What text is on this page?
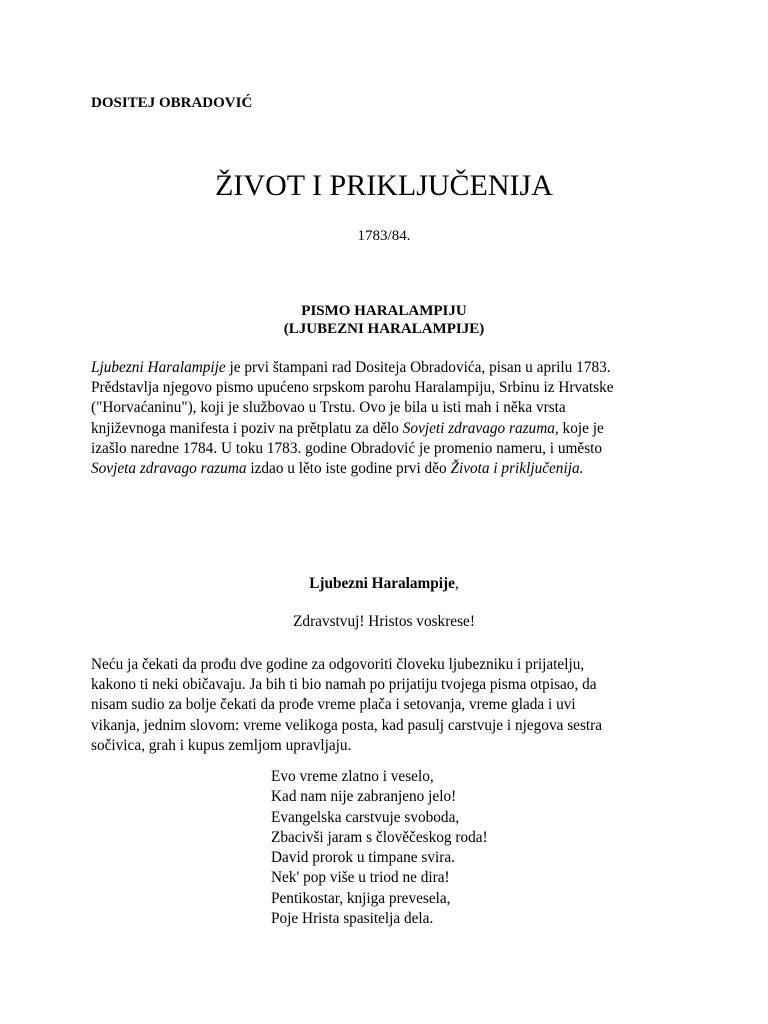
DOSITEJ OBRADOVIĆ

ŽIVOT I PRIKLJUČENIJA

1783/84.

PISMO HARALAMPIJU
(LJUBEZNI HARALAMPIJE)

Ljubezni Haralampije je prvi štampani rad Dositeja Obradovića, pisan u aprilu 1783.
Prědstavlja njegovo pismo upućeno srpskom parohu Haralampiju, Srbinu iz Hrvatske
("Horvaćaninu"), koji je službovao u Trstu. Ovo je bila u isti mah i něka vrsta
književnoga manifesta i poziv na prětplatu za dělo Sovjeti zdravago razuma, koje je
izašlo naredne 1784. U toku 1783. godine Obradović je promenio nameru, i uměsto
Sovjeta zdravago razuma izdao u lěto iste godine prvi děo Života i priključenija.

Ljubezni Haralampije,

Zdravstvuj! Hristos voskrese!

Neću ja čekati da prođu dve godine za odgovoriti človeku ljubezniku i prijatelju,
kakono ti neki običavaju. Ja bih ti bio namah po prijatiju tvojega pisma otpisao, da
nisam sudio za bolje čekati da prođe vreme plača i setovanja, vreme glada i uvi
vikanja, jednim slovom: vreme velikoga posta, kad pasulj carstvuje i njegova sestra
sočivica, grah i kupus zemljom upravljaju.

Evo vreme zlatno i veselo,
Kad nam nije zabranjeno jelo!
Evangelska carstvuje svoboda,
Zbacivši jaram s člověčeskog roda!
David prorok u timpane svira.
Nek' pop više u triod ne dira!
Pentikostar, knjiga prevesela,
Poje Hrista spasitelja dela.
